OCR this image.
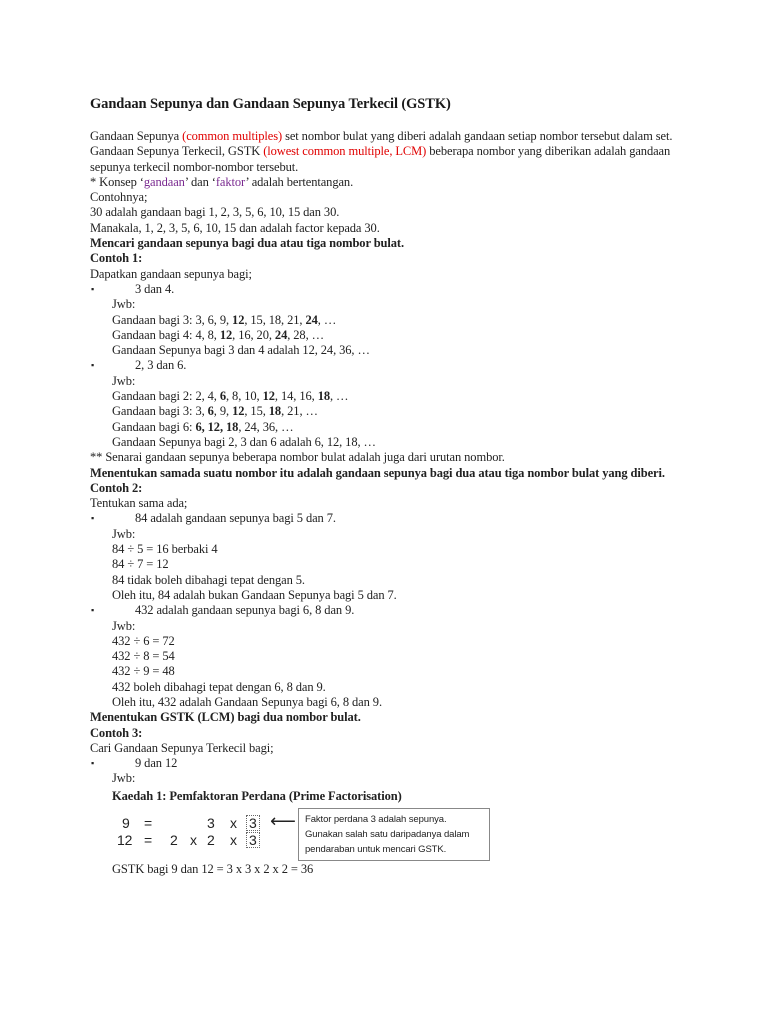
Gandaan Sepunya dan Gandaan Sepunya Terkecil (GSTK)
Gandaan Sepunya (common multiples) set nombor bulat yang diberi adalah gandaan setiap nombor tersebut dalam set.
Gandaan Sepunya Terkecil, GSTK (lowest common multiple, LCM) beberapa nombor yang diberikan adalah gandaan sepunya terkecil nombor-nombor tersebut.
* Konsep ‘gandaan’ dan ‘faktor’ adalah bertentangan.
Contohnya;
30 adalah gandaan bagi 1, 2, 3, 5, 6, 10, 15 dan 30.
Manakala, 1, 2, 3, 5, 6, 10, 15 dan adalah factor kepada 30.
Mencari gandaan sepunya bagi dua atau tiga nombor bulat.
Contoh 1:
Dapatkan gandaan sepunya bagi;
▪	3 dan 4.
Jwb:
Gandaan bagi 3: 3, 6, 9, 12, 15, 18, 21, 24, …
Gandaan bagi 4: 4, 8, 12, 16, 20, 24, 28, …
Gandaan Sepunya bagi 3 dan 4 adalah 12, 24, 36, …
▪	2, 3 dan 6.
Jwb:
Gandaan bagi 2: 2, 4, 6, 8, 10, 12, 14, 16, 18, …
Gandaan bagi 3: 3, 6, 9, 12, 15, 18, 21, …
Gandaan bagi 6: 6, 12, 18, 24, 36, …
Gandaan Sepunya bagi 2, 3 dan 6 adalah 6, 12, 18, …
** Senarai gandaan sepunya beberapa nombor bulat adalah juga dari urutan nombor.
Menentukan samada suatu nombor itu adalah gandaan sepunya bagi dua atau tiga nombor bulat yang diberi.
Contoh 2:
Tentukan sama ada;
▪	84 adalah gandaan sepunya bagi 5 dan 7.
Jwb:
84 ÷ 5 = 16 berbaki 4
84 ÷ 7 = 12
84 tidak boleh dibahagi tepat dengan 5.
Oleh itu, 84 adalah bukan Gandaan Sepunya bagi 5 dan 7.
▪	432 adalah gandaan sepunya bagi 6, 8 dan 9.
Jwb:
432 ÷ 6 = 72
432 ÷ 8 = 54
432 ÷ 9 = 48
432 boleh dibahagi tepat dengan 6, 8 dan 9.
Oleh itu, 432 adalah Gandaan Sepunya bagi 6, 8 dan 9.
Menentukan GSTK (LCM) bagi dua nombor bulat.
Contoh 3:
Cari Gandaan Sepunya Terkecil bagi;
▪	9 dan 12
Jwb:
Kaedah 1: Pemfaktoran Perdana (Prime Factorisation)
9 =	3 x 3 ⟵
12 = 2 x 2 x 3
Faktor perdana 3 adalah sepunya.
Gunakan salah satu daripadanya dalam
pendaraban untuk mencari GSTK.
GSTK bagi 9 dan 12 = 3 x 3 x 2 x 2 = 36
